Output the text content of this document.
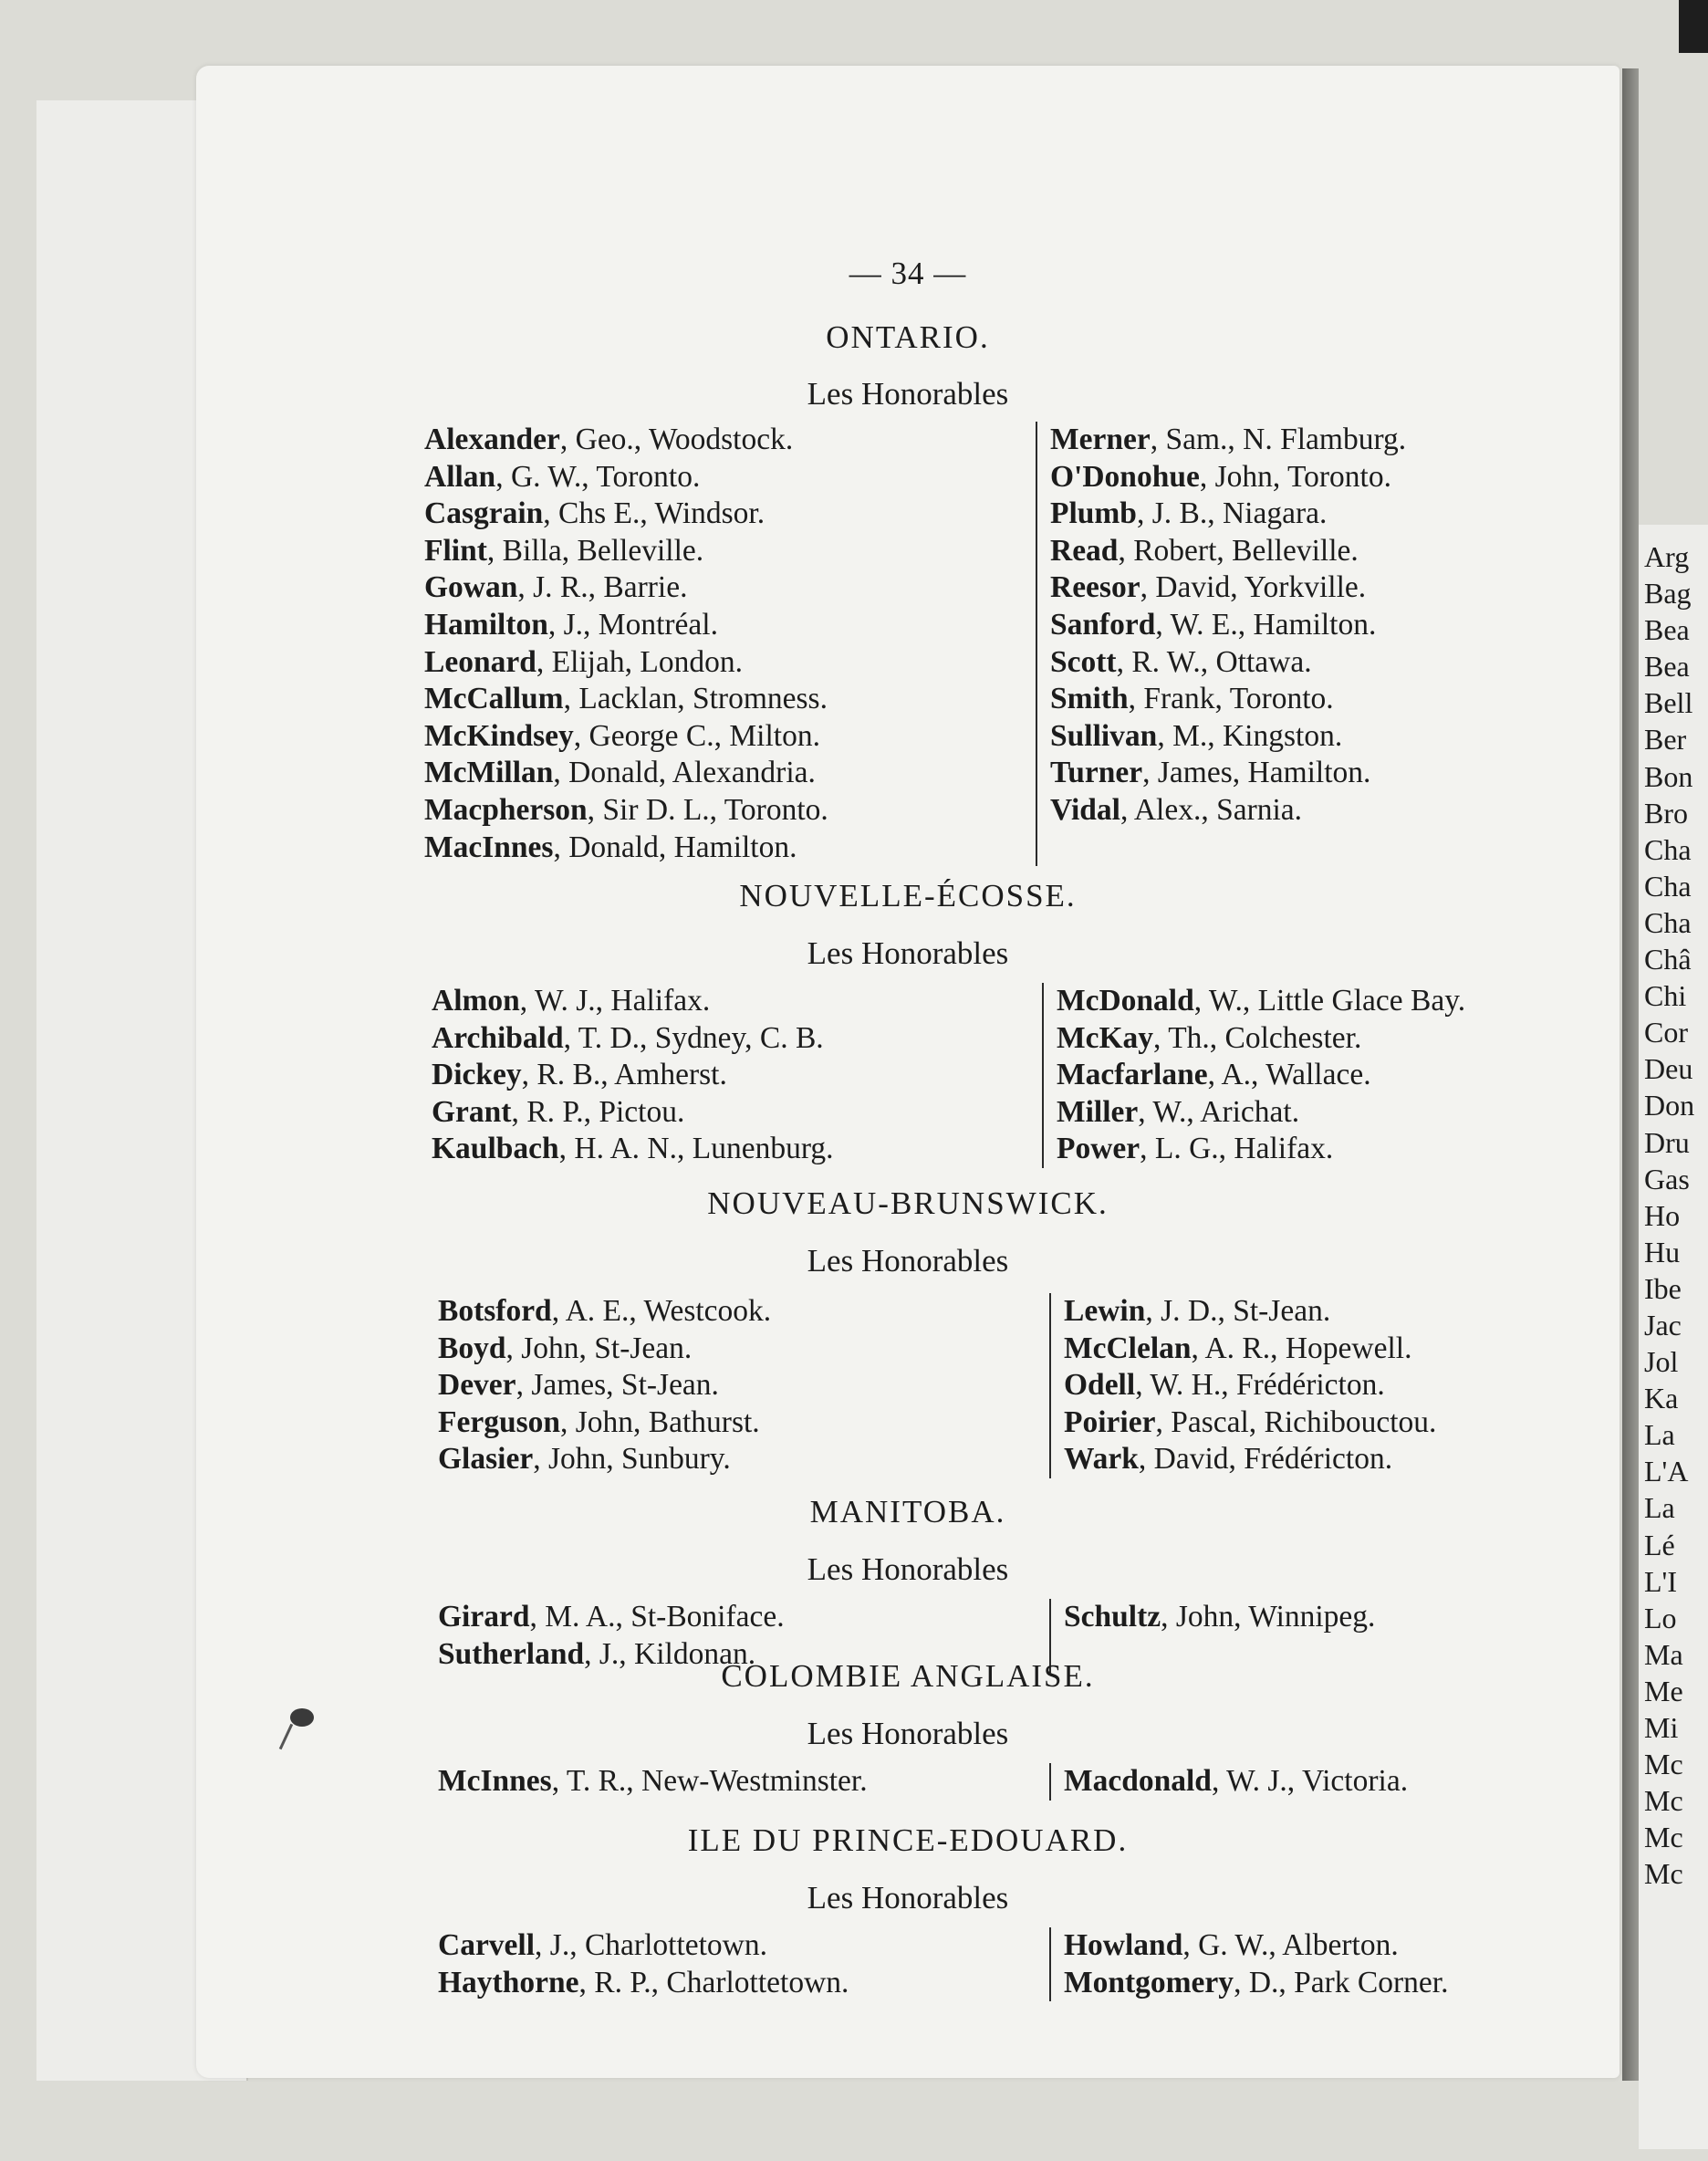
— 34 —
ONTARIO.
Les Honorables
Alexander, Geo., Woodstock.
Allan, G. W., Toronto.
Casgrain, Chs E., Windsor.
Flint, Billa, Belleville.
Gowan, J. R., Barrie.
Hamilton, J., Montréal.
Leonard, Elijah, London.
McCallum, Lacklan, Stromness.
McKindsey, George C., Milton.
McMillan, Donald, Alexandria.
Macpherson, Sir D. L., Toronto.
MacInnes, Donald, Hamilton.
Merner, Sam., N. Flamburg.
O'Donohue, John, Toronto.
Plumb, J. B., Niagara.
Read, Robert, Belleville.
Reesor, David, Yorkville.
Sanford, W. E., Hamilton.
Scott, R. W., Ottawa.
Smith, Frank, Toronto.
Sullivan, M., Kingston.
Turner, James, Hamilton.
Vidal, Alex., Sarnia.
NOUVELLE-ÉCOSSE.
Les Honorables
Almon, W. J., Halifax.
Archibald, T. D., Sydney, C. B.
Dickey, R. B., Amherst.
Grant, R. P., Pictou.
Kaulbach, H. A. N., Lunenburg.
McDonald, W., Little Glace Bay.
McKay, Th., Colchester.
Macfarlane, A., Wallace.
Miller, W., Arichat.
Power, L. G., Halifax.
NOUVEAU-BRUNSWICK.
Les Honorables
Botsford, A. E., Westcook.
Boyd, John, St-Jean.
Dever, James, St-Jean.
Ferguson, John, Bathurst.
Glasier, John, Sunbury.
Lewin, J. D., St-Jean.
McClelan, A. R., Hopewell.
Odell, W. H., Frédéricton.
Poirier, Pascal, Richibouctou.
Wark, David, Frédéricton.
MANITOBA.
Les Honorables
Girard, M. A., St-Boniface.
Sutherland, J., Kildonan.
Schultz, John, Winnipeg.
COLOMBIE ANGLAISE.
Les Honorables
McInnes, T. R., New-Westminster.	Macdonald, W. J., Victoria.
ILE DU PRINCE-EDOUARD.
Les Honorables
Carvell, J., Charlottetown.
Haythorne, R. P., Charlottetown.
Howland, G. W., Alberton.
Montgomery, D., Park Corner.
Arg
Bag
Bea
Bea
Bell
Ber
Bon
Bro
Cha
Cha
Cha
Châ
Chi
Cor
Deu
Don
Dru
Gas
Ho
Hu
Ibe
Jac
Jol
Ka
La
L'A
La
Lé
L'I
Lo
Ma
Me
Mi
Mc
Mc
Mc
Mc
